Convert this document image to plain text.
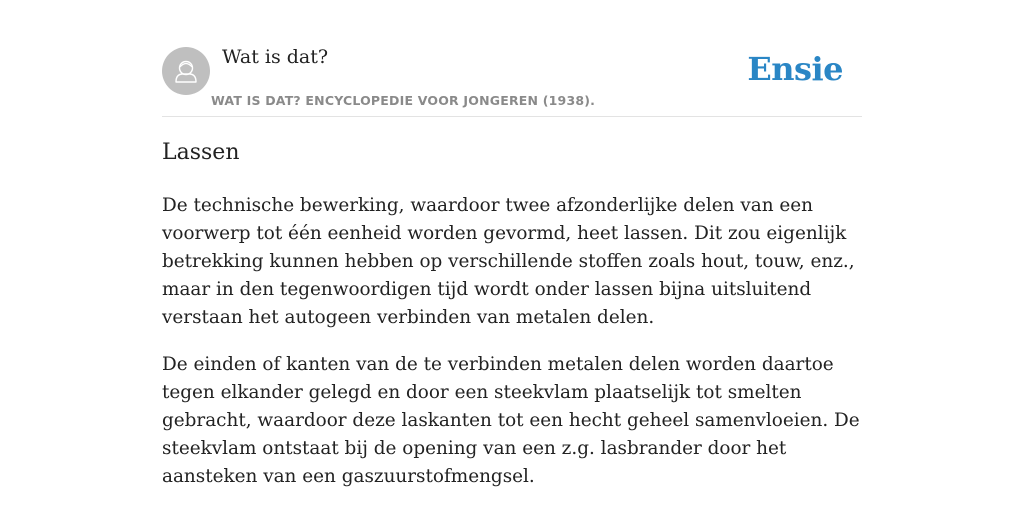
Wat is dat?
WAT IS DAT? ENCYCLOPEDIE VOOR JONGEREN (1938).
Ensie
Lassen

De technische bewerking, waardoor twee afzonderlijke delen van een voorwerp tot één eenheid worden gevormd, heet lassen. Dit zou eigenlijk betrekking kunnen hebben op verschillende stoffen zoals hout, touw, enz., maar in den tegenwoordigen tijd wordt onder lassen bijna uitsluitend verstaan het autogeen verbinden van metalen delen.

De einden of kanten van de te verbinden metalen delen worden daartoe tegen elkander gelegd en door een steekvlam plaatselijk tot smelten gebracht, waardoor deze laskanten tot een hecht geheel samenvloeien. De steekvlam ontstaat bij de opening van een z.g. lasbrander door het aansteken van een gaszuurstofmengsel.
